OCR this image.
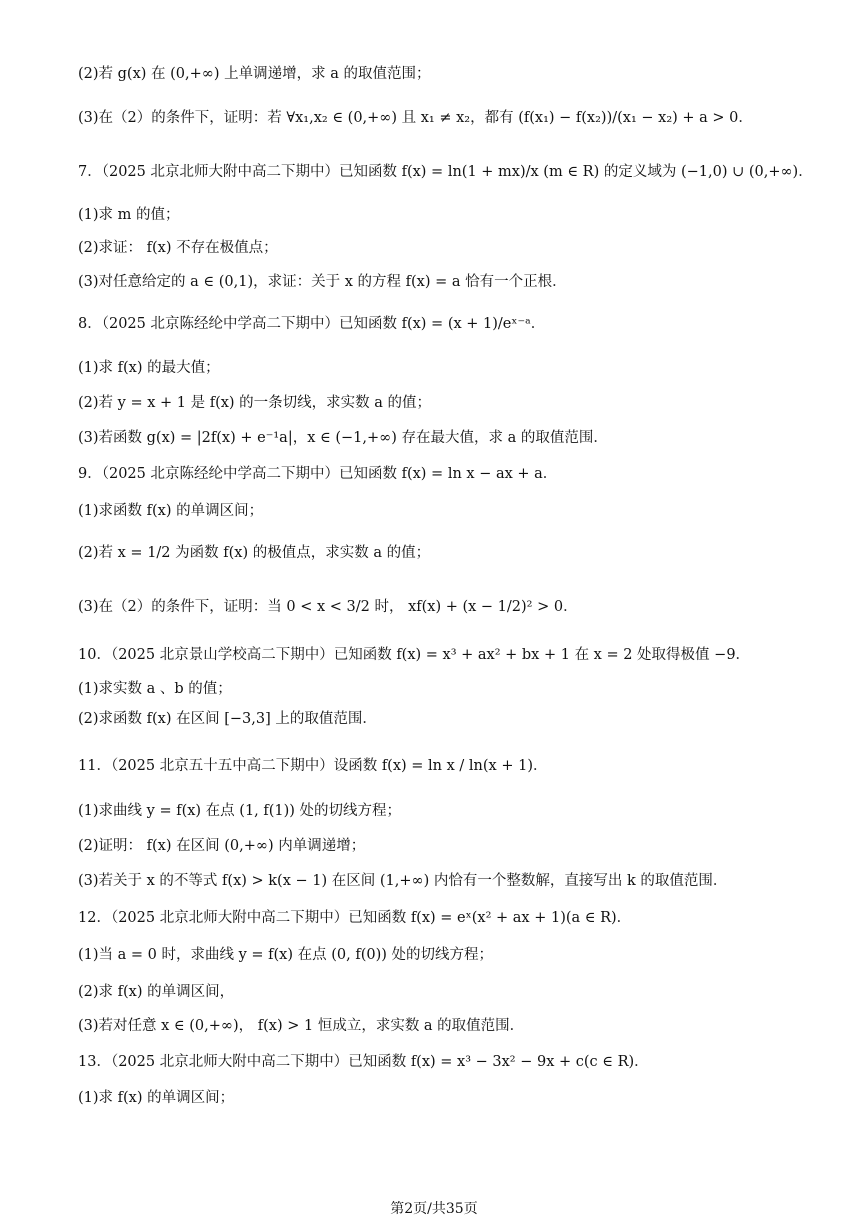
(2)若 g(x) 在 (0,+∞) 上单调递增，求 a 的取值范围；
(3)在（2）的条件下，证明：若 ∀x₁,x₂ ∈ (0,+∞) 且 x₁ ≠ x₂，都有 (f(x₁) − f(x₂))/(x₁ − x₂) + a > 0．
7．（2025 北京北师大附中高二下期中）已知函数 f(x) = ln(1 + mx)/x (m ∈ R) 的定义域为 (−1,0) ∪ (0,+∞)．
(1)求 m 的值；
(2)求证： f(x) 不存在极值点；
(3)对任意给定的 a ∈ (0,1)，求证：关于 x 的方程 f(x) = a 恰有一个正根．
8．（2025 北京陈经纶中学高二下期中）已知函数 f(x) = (x + 1)/eˣ⁻ᵃ．
(1)求 f(x) 的最大值；
(2)若 y = x + 1 是 f(x) 的一条切线，求实数 a 的值；
(3)若函数 g(x) = |2f(x) + e⁻¹a|，x ∈ (−1,+∞) 存在最大值，求 a 的取值范围．
9．（2025 北京陈经纶中学高二下期中）已知函数 f(x) = ln x − ax + a．
(1)求函数 f(x) 的单调区间；
(2)若 x = 1/2 为函数 f(x) 的极值点，求实数 a 的值；
(3)在（2）的条件下，证明：当 0 < x < 3/2 时， xf(x) + (x − 1/2)² > 0．
10．（2025 北京景山学校高二下期中）已知函数 f(x) = x³ + ax² + bx + 1 在 x = 2 处取得极值 −9．
(1)求实数 a 、b 的值；
(2)求函数 f(x) 在区间 [−3,3] 上的取值范围．
11．（2025 北京五十五中高二下期中）设函数 f(x) = ln x / ln(x + 1)．
(1)求曲线 y = f(x) 在点 (1, f(1)) 处的切线方程；
(2)证明： f(x) 在区间 (0,+∞) 内单调递增；
(3)若关于 x 的不等式 f(x) > k(x − 1) 在区间 (1,+∞) 内恰有一个整数解，直接写出 k 的取值范围．
12．（2025 北京北师大附中高二下期中）已知函数 f(x) = eˣ(x² + ax + 1)(a ∈ R)．
(1)当 a = 0 时，求曲线 y = f(x) 在点 (0, f(0)) 处的切线方程；
(2)求 f(x) 的单调区间，
(3)若对任意 x ∈ (0,+∞)， f(x) > 1 恒成立，求实数 a 的取值范围．
13．（2025 北京北师大附中高二下期中）已知函数 f(x) = x³ − 3x² − 9x + c(c ∈ R)．
(1)求 f(x) 的单调区间；
第2页/共35页
